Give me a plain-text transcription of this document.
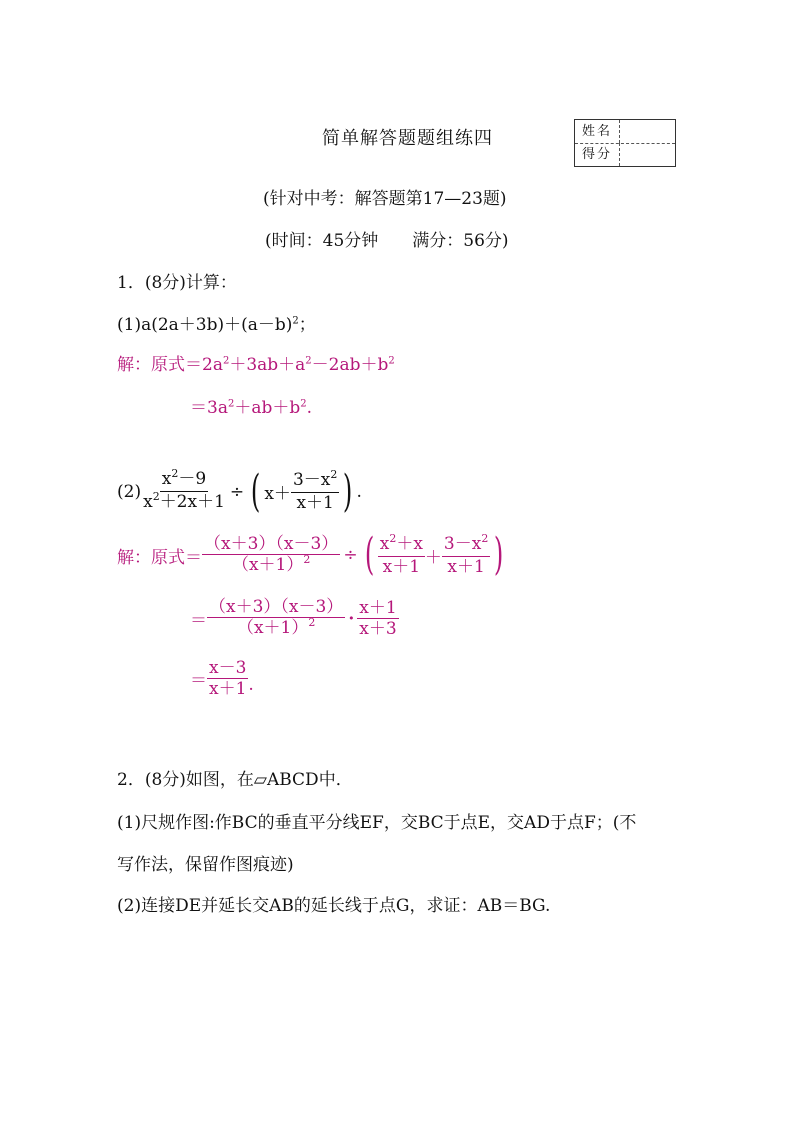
简单解答题题组练四	姓名
得分
(针对中考：解答题第17—23题)
(时间：45分钟　　满分：56分)
1．(8分)计算：
$(1)a(2a+3b)+(a-b)^2$；
解：原式$=2a^2+3ab+a^2-2ab+b^2$
$=3a^2+ab+b^2$.
$(2) \frac{x^2-9}{x^2+2x+1}$ ÷ ( $x+ \frac{3-x^2}{x+1}$ ) .
解：原式＝ $\frac{(x+3)(x-3)}{(x+1)^2}$ ÷ ( $\frac{x^2+x}{x+1} + \frac{3-x^2}{x+1}$ )
＝ $\frac{(x+3)(x-3)}{(x+1)^2} \cdot \frac{x+1}{x+3}$
＝ $\frac{x-3}{x+1}$ .
2．(8分)如图，在▱ABCD中．
(1)尺规作图:作BC的垂直平分线EF，交BC于点E，交AD于点F；(不
写作法，保留作图痕迹)
(2)连接DE并延长交AB的延长线于点G，求证：AB＝BG.
